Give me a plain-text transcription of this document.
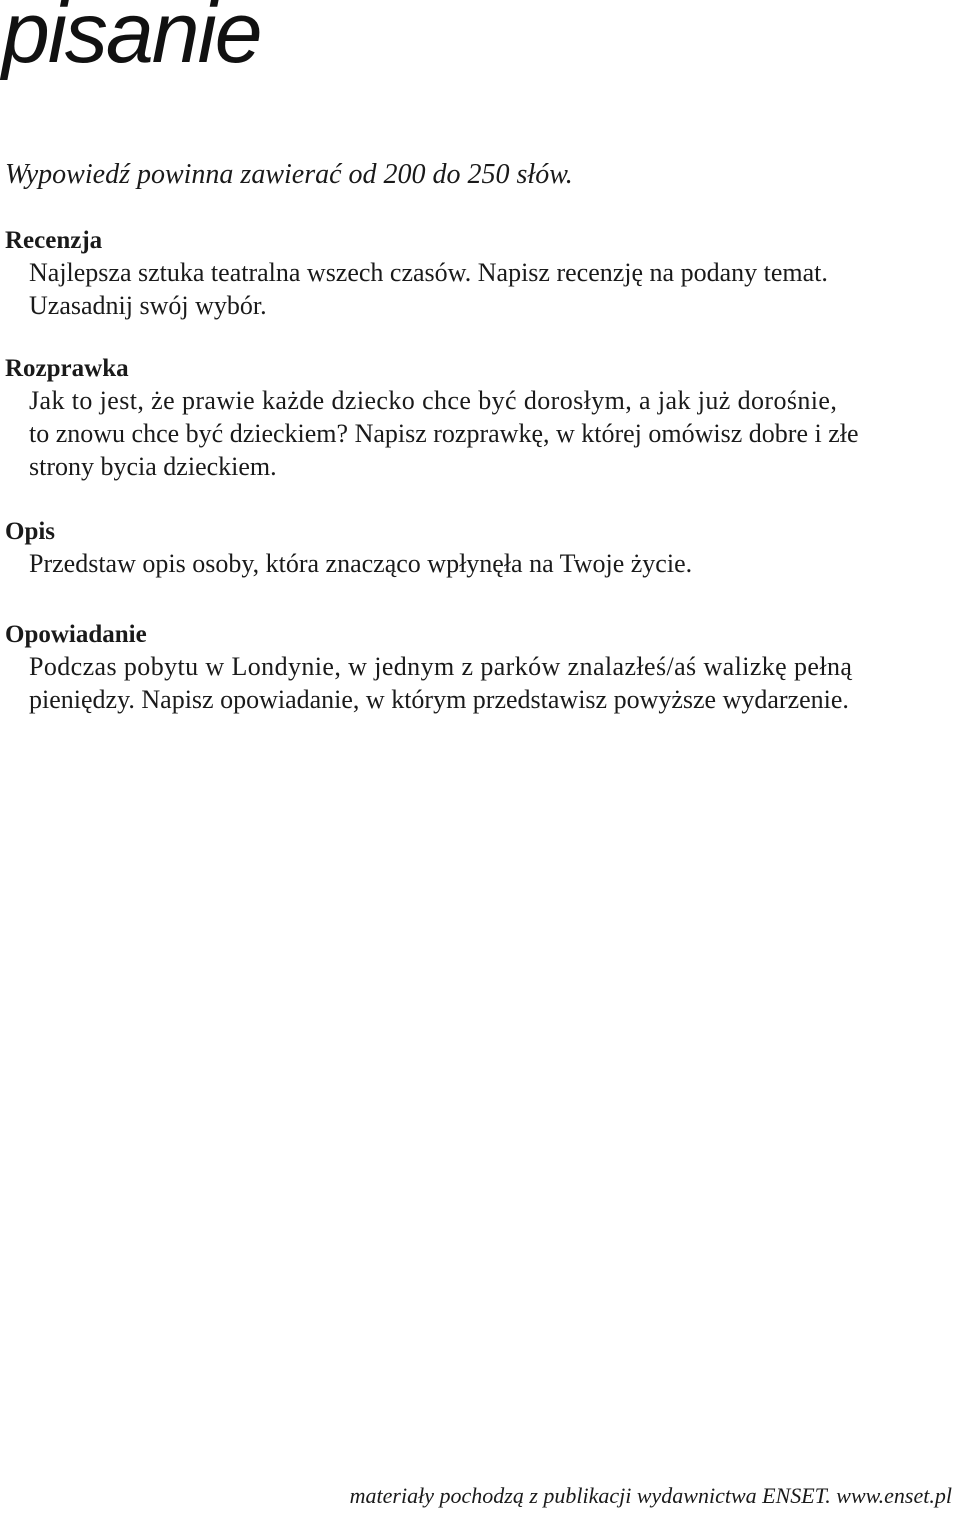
pisanie

Wypowiedź powinna zawierać od 200 do 250 słów.

Recenzja

Najlepsza sztuka teatralna wszech czasów. Napisz recenzję na podany temat.
Uzasadnij swój wybór.

Rozprawka

Jak to jest, że prawie każde dziecko chce być dorosłym, a jak już dorośnie,
to znowu chce być dzieckiem? Napisz rozprawkę, w której omówisz dobre i złe
strony bycia dzieckiem.

Opis

Przedstaw opis osoby, która znacząco wpłynęła na Twoje życie.

Opowiadanie

Podczas pobytu w Londynie, w jednym z parków znalazłeś/aś walizkę pełną
pieniędzy. Napisz opowiadanie, w którym przedstawisz powyższe wydarzenie.

materiały pochodzą z publikacji wydawnictwa ENSET. www.enset.pl
